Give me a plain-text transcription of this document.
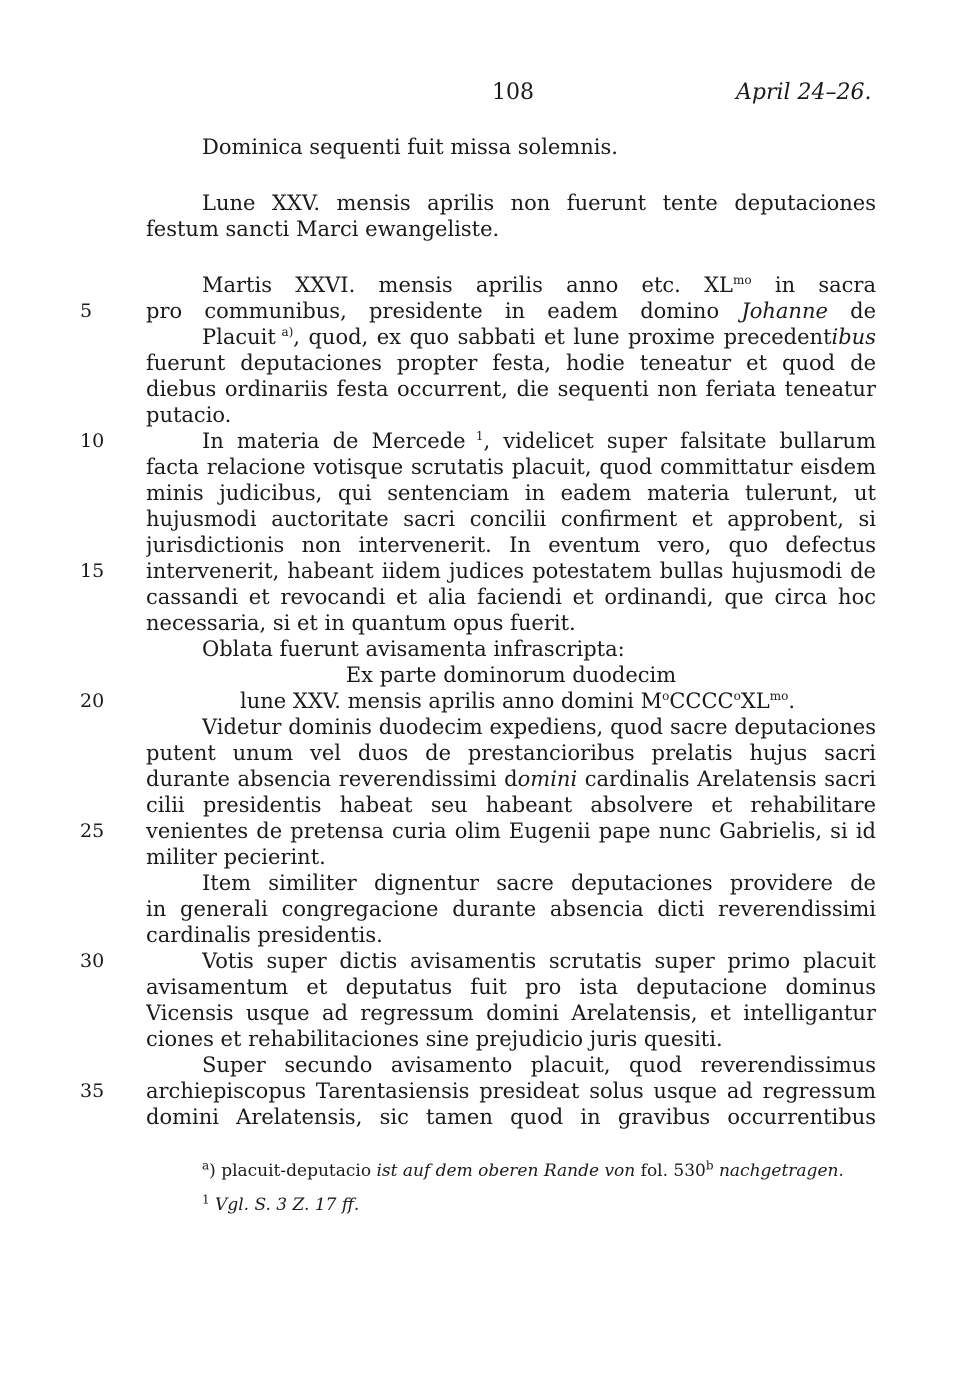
108	April 24–26.
Dominica sequenti fuit missa solemnis.
Lune XXV. mensis aprilis non fuerunt tente deputaciones
festum sancti Marci ewangeliste.
Martis XXVI. mensis aprilis anno etc. $XL^{mo}$ in sacra
pro communibus, presidente in eadem domino Johanne de
5
Placuit $^{a)}$, quod, ex quo sabbati et lune proxime precedentibus
fuerunt deputaciones propter festa, hodie teneatur et quod de
diebus ordinariis festa occurrent, die sequenti non feriata teneatur
putacio.
In materia de Mercede $^1$, videlicet super falsitate bullarum
10
facta relacione votisque scrutatis placuit, quod committatur eisdem
minis judicibus, qui sentenciam in eadem materia tulerunt, ut
hujusmodi auctoritate sacri concilii confirment et approbent, si
jurisdictionis non intervenerit. In eventum vero, quo defectus
intervenerit, habeant iidem judices potestatem bullas hujusmodi de
15
cassandi et revocandi et alia faciendi et ordinandi, que circa hoc
necessaria, si et in quantum opus fuerit.
Oblata fuerunt avisamenta infrascripta:
Ex parte dominorum duodecim
lune XXV. mensis aprilis anno domini $M^oCCCC^oXL^{mo}$.
20
Videtur dominis duodecim expediens, quod sacre deputaciones
putent unum vel duos de prestancioribus prelatis hujus sacri
durante absencia reverendissimi domini cardinalis Arelatensis sacri
cilii presidentis habeat seu habeant absolvere et rehabilitare
venientes de pretensa curia olim Eugenii pape nunc Gabrielis, si id
25
militer pecierint.
Item similiter dignentur sacre deputaciones providere de
in generali congregacione durante absencia dicti reverendissimi
cardinalis presidentis.
Votis super dictis avisamentis scrutatis super primo placuit
30
avisamentum et deputatus fuit pro ista deputacione dominus
Vicensis usque ad regressum domini Arelatensis, et intelligantur
ciones et rehabilitaciones sine prejudicio juris quesiti.
Super secundo avisamento placuit, quod reverendissimus
archiepiscopus Tarentasiensis presideat solus usque ad regressum
35
domini Arelatensis, sic tamen quod in gravibus occurrentibus
$^a$) placuit-deputacio ist auf dem oberen Rande von fol. 530$^b$ nachgetragen.
$^1$ Vgl. S. 3 Z. 17 ff.
